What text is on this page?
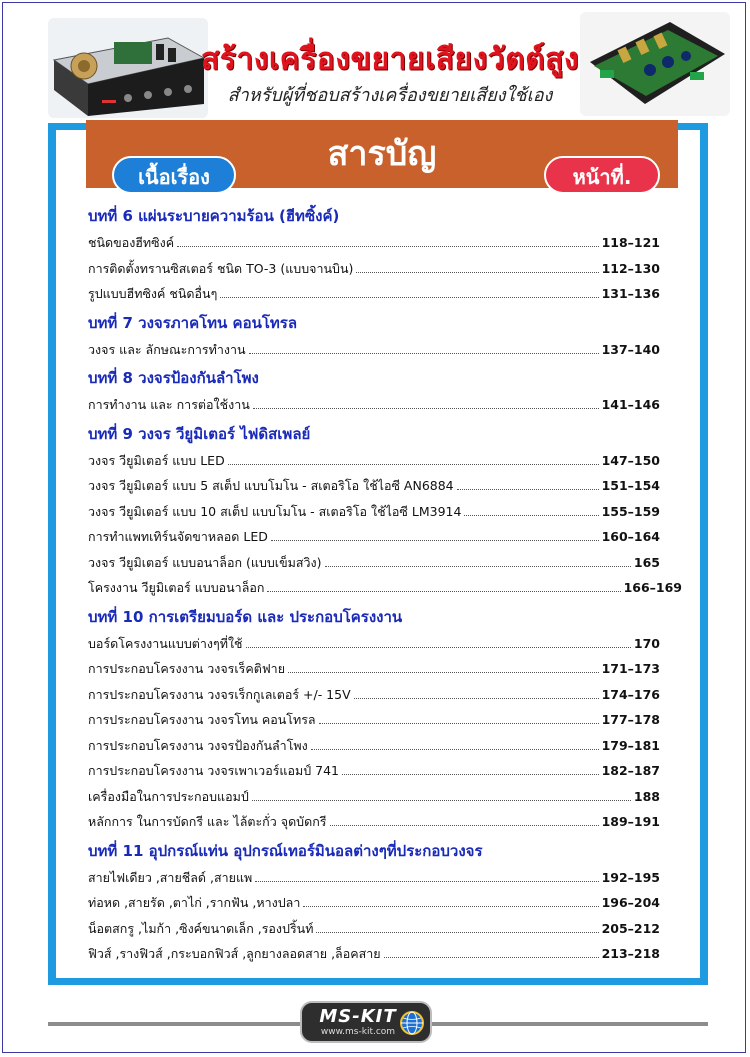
สร้างเครื่องขยายเสียงวัตต์สูง
สำหรับผู้ที่ชอบสร้างเครื่องขยายเสียงใช้เอง
สารบัญ
เนื้อเรื่อง	หน้าที่.
บทที่ 6 แผ่นระบายความร้อน (ฮีทซิ้งค์)
ชนิดของฮีทซิงค์	118–121
การติดตั้งทรานซิสเตอร์ ชนิด TO-3 (แบบจานบิน)	112–130
รูปแบบฮีทซิงค์ ชนิดอื่นๆ	131–136
บทที่ 7 วงจรภาคโทน คอนโทรล
วงจร และ ลักษณะการทำงาน	137–140
บทที่ 8 วงจรป้องกันลำโพง
การทำงาน และ การต่อใช้งาน	141–146
บทที่ 9 วงจร วียูมิเตอร์ ไฟดิสเพลย์
วงจร วียูมิเตอร์ แบบ LED	147–150
วงจร วียูมิเตอร์ แบบ 5 สเต็ป แบบโมโน - สเตอริโอ ใช้ไอซี AN6884	151–154
วงจร วียูมิเตอร์ แบบ 10 สเต็ป แบบโมโน - สเตอริโอ ใช้ไอซี LM3914	155–159
การทำแพทเทิร์นจัดขาหลอด LED	160–164
วงจร วียูมิเตอร์ แบบอนาล็อก (แบบเข็มสวิง)	165
โครงงาน วียูมิเตอร์ แบบอนาล็อก	166–169
บทที่ 10 การเตรียมบอร์ด และ ประกอบโครงงาน
บอร์ดโครงงานแบบต่างๆที่ใช้	170
การประกอบโครงงาน วงจรเร็คติฟาย	171–173
การประกอบโครงงาน วงจรเร็กกูเลเตอร์ +/- 15V	174–176
การประกอบโครงงาน วงจรโทน คอนโทรล	177–178
การประกอบโครงงาน วงจรป้องกันลำโพง	179–181
การประกอบโครงงาน วงจรเพาเวอร์แอมป์ 741	182–187
เครื่องมือในการประกอบแอมป์	188
หลักการ ในการบัดกรี และ ไล้ตะกั่ว จุดบัดกรี	189–191
บทที่ 11 อุปกรณ์แท่น อุปกรณ์เทอร์มินอลต่างๆที่ประกอบวงจร
สายไฟเดียว ,สายชีลด์ ,สายแพ	192–195
ท่อหด ,สายรัด ,ตาไก่ ,รากฟัน ,หางปลา	196–204
น็อตสกรู ,ไมก้า ,ซิงค์ขนาดเล็ก ,รองปริ้นท์	205–212
ฟิวส์ ,รางฟิวส์ ,กระบอกฟิวส์ ,ลูกยางลอดสาย ,ล็อคสาย	213–218
MS-KIT
www.ms-kit.com
